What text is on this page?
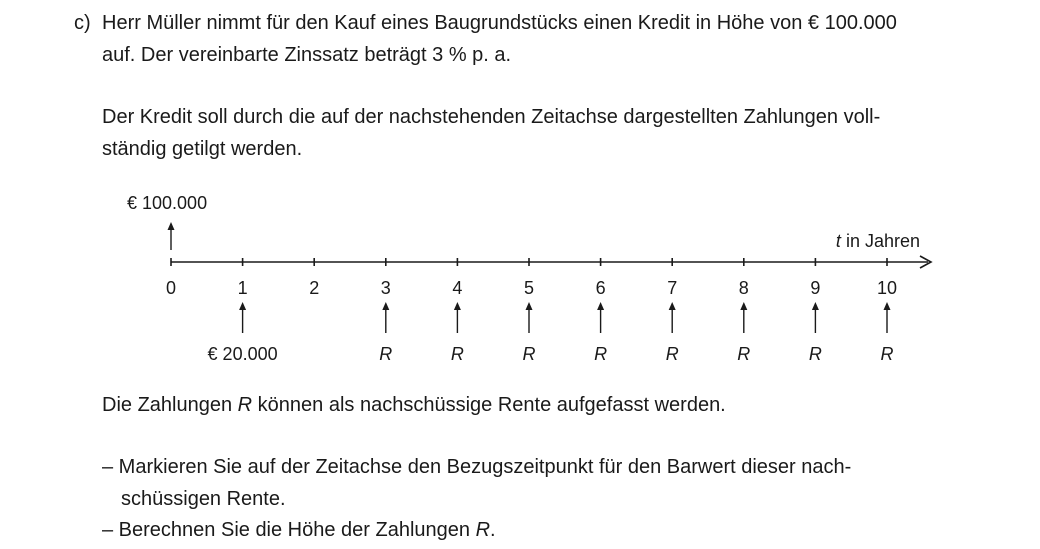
c) Herr Müller nimmt für den Kauf eines Baugrundstücks einen Kredit in Höhe von € 100.000
auf. Der vereinbarte Zinssatz beträgt 3 % p. a.
Der Kredit soll durch die auf der nachstehenden Zeitachse dargestellten Zahlungen voll-
ständig getilgt werden.
t in Jahren
0	1	2	3	4	5	6	7	8	9	10
€ 100.000
€ 20.000	R	R	R	R	R	R	R	R
Die Zahlungen R können als nachschüssige Rente aufgefasst werden.
– Markieren Sie auf der Zeitachse den Bezugszeitpunkt für den Barwert dieser nach-
schüssigen Rente.
– Berechnen Sie die Höhe der Zahlungen R.
